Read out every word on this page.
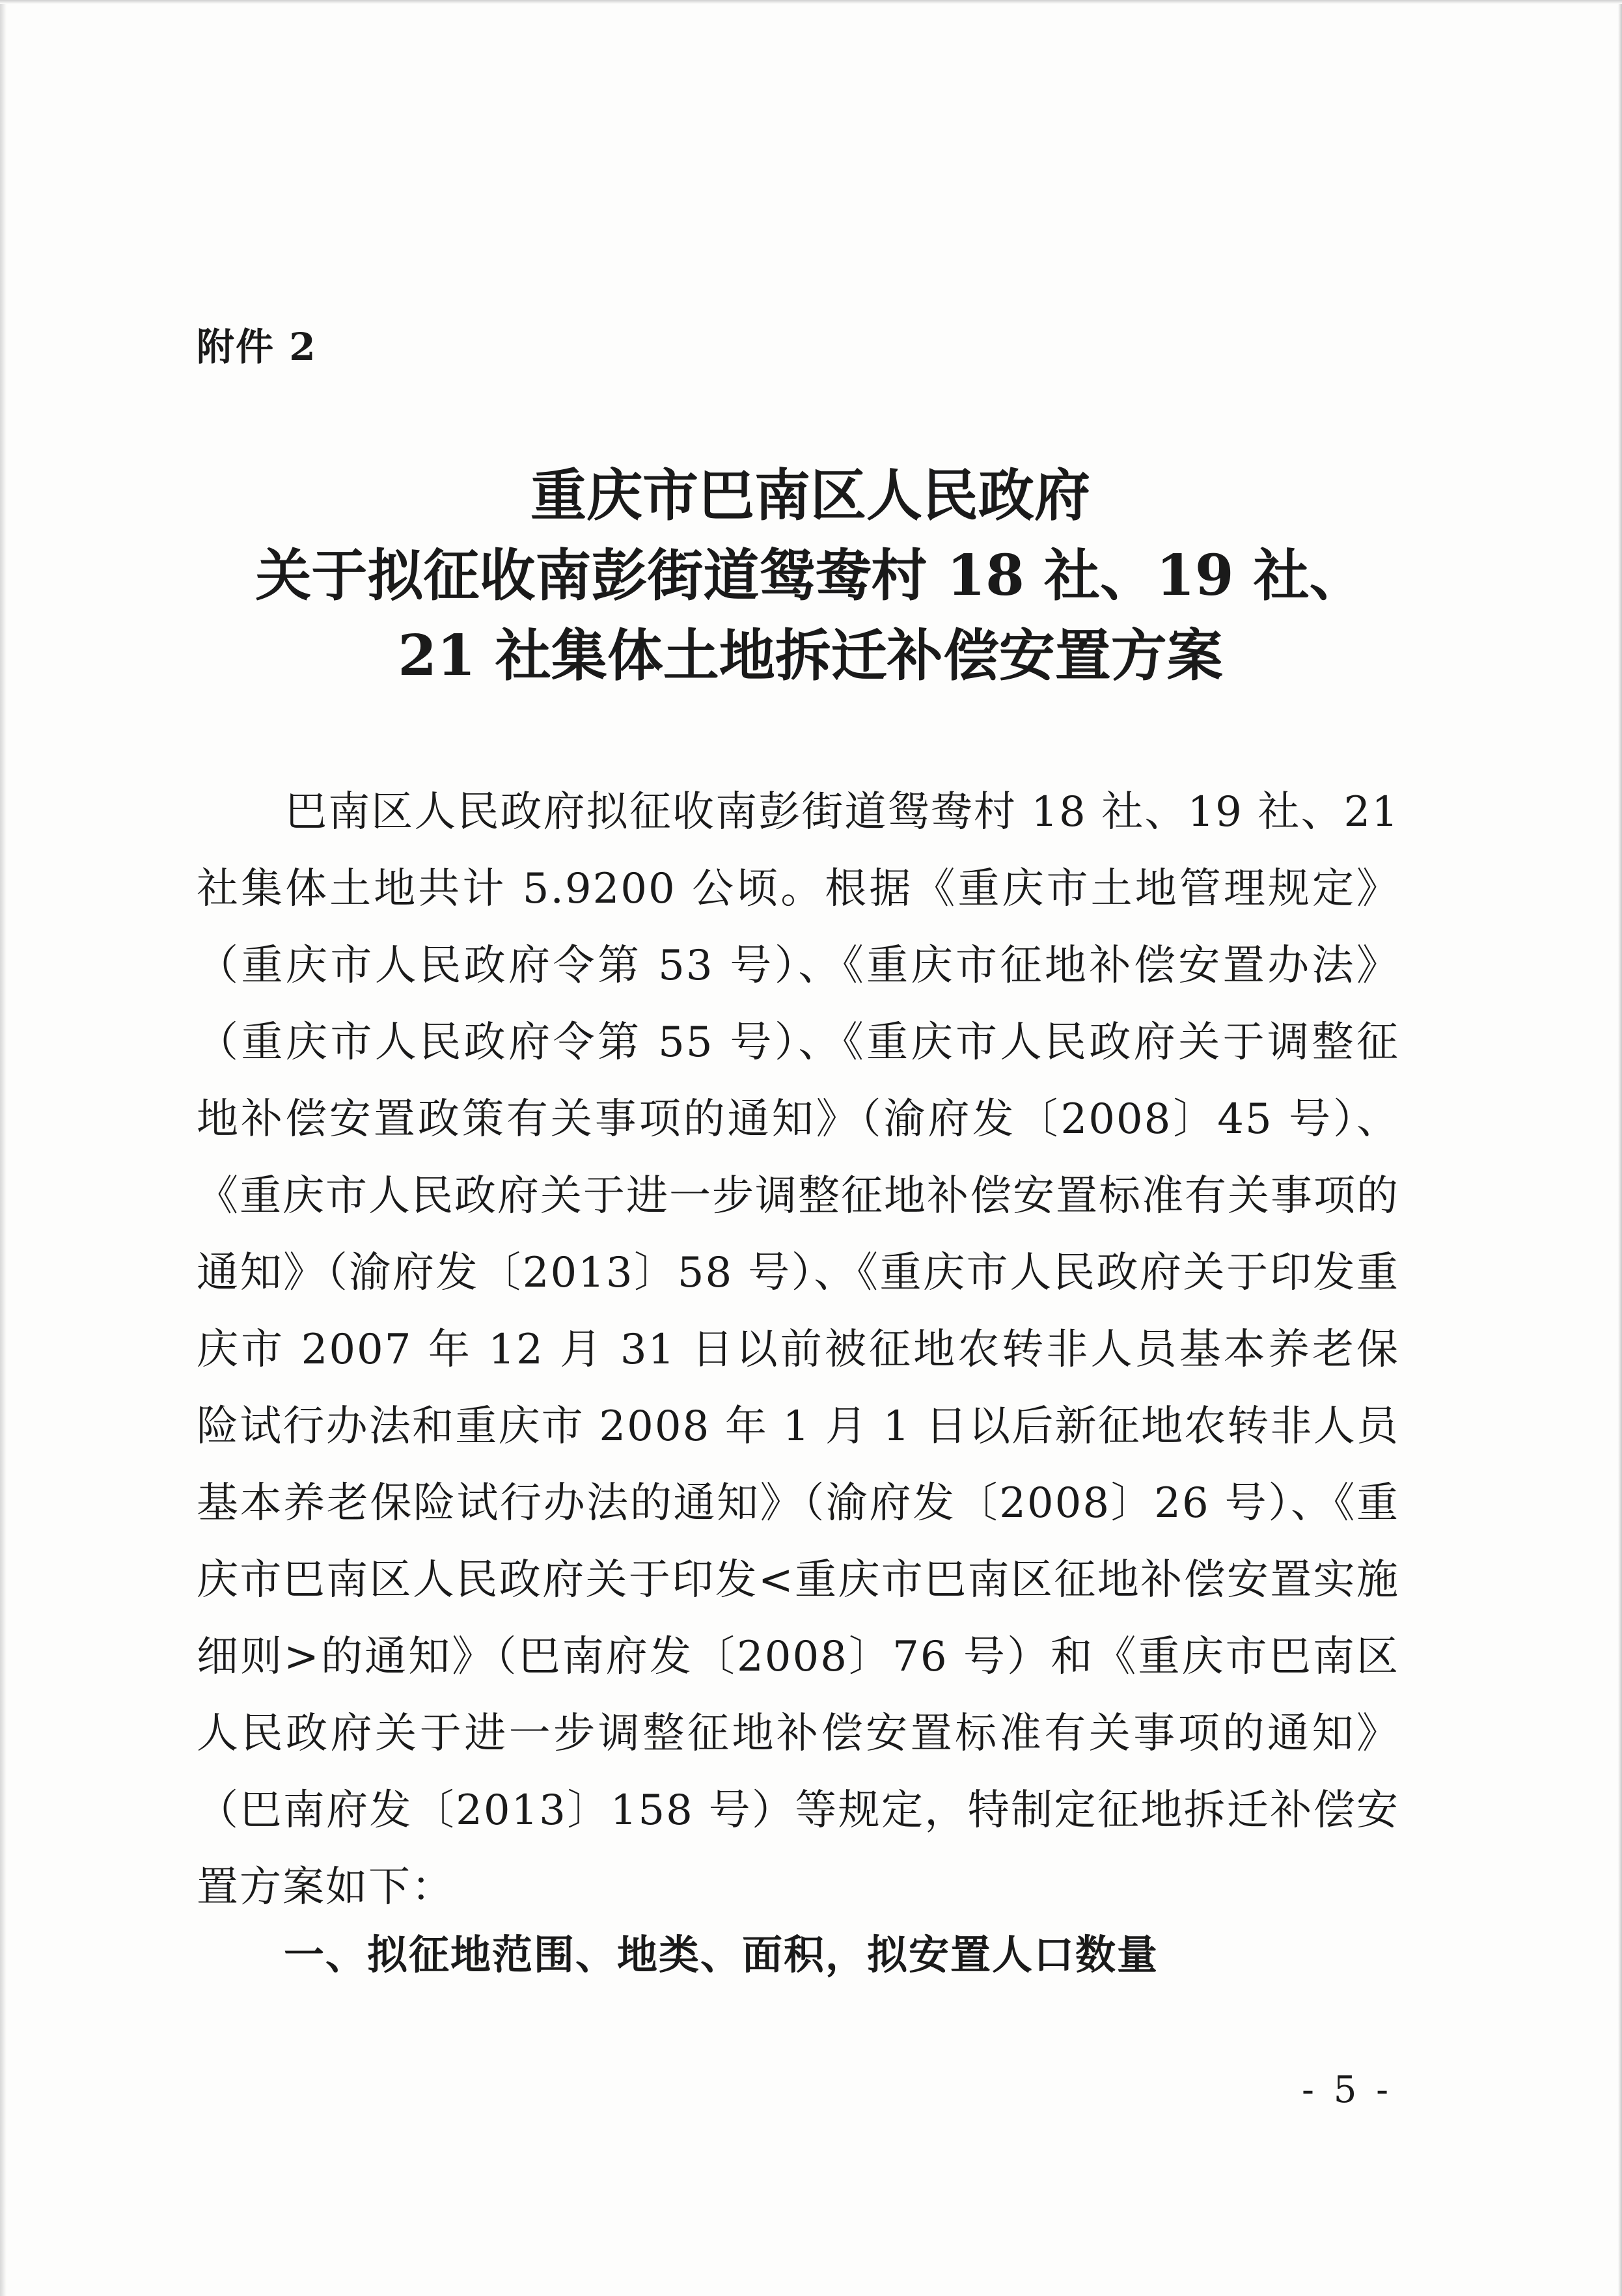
附件 2
重庆市巴南区人民政府
关于拟征收南彭街道鸳鸯村 18 社、19 社、
21 社集体土地拆迁补偿安置方案

巴南区人民政府拟征收南彭街道鸳鸯村 18 社、19 社、21 社集体土地共计 5.9200 公顷。根据《重庆市土地管理规定》（重庆市人民政府令第 53 号）、《重庆市征地补偿安置办法》（重庆市人民政府令第 55 号）、《重庆市人民政府关于调整征地补偿安置政策有关事项的通知》（渝府发〔2008〕45 号）、《重庆市人民政府关于进一步调整征地补偿安置标准有关事项的通知》（渝府发〔2013〕58 号）、《重庆市人民政府关于印发重庆市 2007 年 12 月 31 日以前被征地农转非人员基本养老保险试行办法和重庆市 2008 年 1 月 1 日以后新征地农转非人员基本养老保险试行办法的通知》（渝府发〔2008〕26 号）、《重庆市巴南区人民政府关于印发<重庆市巴南区征地补偿安置实施细则>的通知》（巴南府发〔2008〕76 号）和《重庆市巴南区人民政府关于进一步调整征地补偿安置标准有关事项的通知》（巴南府发〔2013〕158 号）等规定，特制定征地拆迁补偿安置方案如下：

一、拟征地范围、地类、面积，拟安置人口数量
- 5 -
